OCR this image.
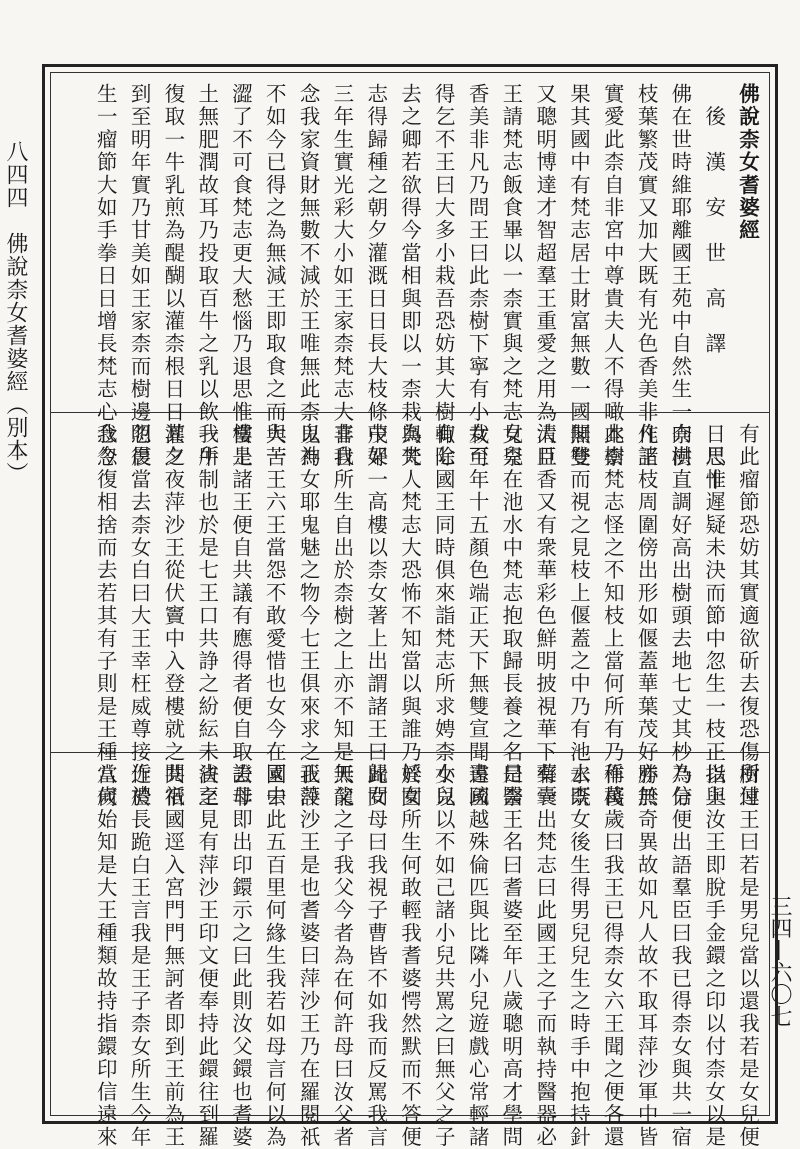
八四四　佛說柰女耆婆經（別本）
三四—六〇七
佛說柰女耆婆經
　後　漢　安　世　高　譯　　　　尺十
佛在世時維耶離國王苑中自然生一柰樹
枝葉繁茂實又加大既有光色香美非凡王
實愛此柰自非宮中尊貴夫人不得噉此柰
果其國中有梵志居士財富無數一國無雙
又聰明博達才智超羣王重愛之用為大臣
王請梵志飯食畢以一柰實與之梵志見柰
香美非凡乃問王曰此柰樹下寧有小栽可
得乞不王曰大多小栽吾恐妨其大樹輙除
去之卿若欲得今當相與即以一柰栽與梵
志得歸種之朝夕灌溉日日長大枝條茂好
三年生實光彩大小如王家柰梵志大喜自
念我家資財無數不減於王唯無此柰以為
不如今已得之為無減王即取食之而大苦
澀了不可食梵志更大愁惱乃退思惟當是
土無肥潤故耳乃投取百牛之乳以飲一牛
復取一牛乳煎為醍醐以灌柰根日日灌之
到至明年實乃甘美如王家柰而樹邊忽復
生一瘤節大如手拳日日增長梵志心念忽
有此瘤節恐妨其實適欲斫去復恐傷樹連
日思惟遲疑未決而節中忽生一枝正指上
向洪直調好高出樹頭去地七丈其杪乃分
作諸枝周圍傍出形如偃蓋華葉茂好勝於
本樹梵志怪之不知枝上當何所有乃作棧
閣登而視之見枝上偃蓋之中乃有池水既
清且香又有衆華彩色鮮明披視華下有一
女兒在池水中梵志抱取歸長養之名曰柰
女至年十五顏色端正天下無雙宣聞遠國
有七國王同時俱來詣梵志所求娉柰女以
為夫人梵志大恐怖不知當以與誰乃於園
中架一高樓以柰女著上出謂諸王曰此女
非我所生自出於柰樹之上亦不知是天龍
鬼神女耶鬼魅之物今七王俱來求之我設
與一王六王當怨不敢愛惜也女今在園中
樓上諸王便自共議有應得者便自取去非
我所制也於是七王口共諍之紛紜未決至
其夕夜萍沙王從伏竇中入登樓就之共宿
明晨當去柰女白曰大王幸枉威尊接近於
我今復相捨而去若其有子則是王種當何
所付王曰若是男兒當以還我若是女兒便
以與汝王即脫手金鐶之印以付柰女以是
為信便出語羣臣曰我已得柰女與共一宿
亦無奇異故如凡人故不取耳萍沙軍中皆
稱萬歲曰我王已得柰女六王聞之便各還
去柰女後生得男兒兒生之時手中抱持針
藥囊出梵志曰此國王之子而執持醫器必
是醫王名曰耆婆至年八歲聰明高才學問
書疏越殊倫匹與比隣小兒遊戲心常輕諸
小兒以不如己諸小兒共罵之曰無父之子
婬女所生何敢輕我耆婆愕然默而不答便
歸問母曰我視子曹皆不如我而反罵我言
無父之子我父今者為在何許母曰汝父者
正萍沙王是也耆婆曰萍沙王乃在羅閱祇
國去此五百里何緣生我若如母言何以為
證母即出印鐶示之曰此則汝父鐶也耆婆
省之見有萍沙王印文便奉持此鐶往到羅
閱祇國逕入宮門門無訶者即到王前為王
作禮長跪白王言我是王子柰女所生今年
八歲始知是大王種類故持指鐶印信遠來
